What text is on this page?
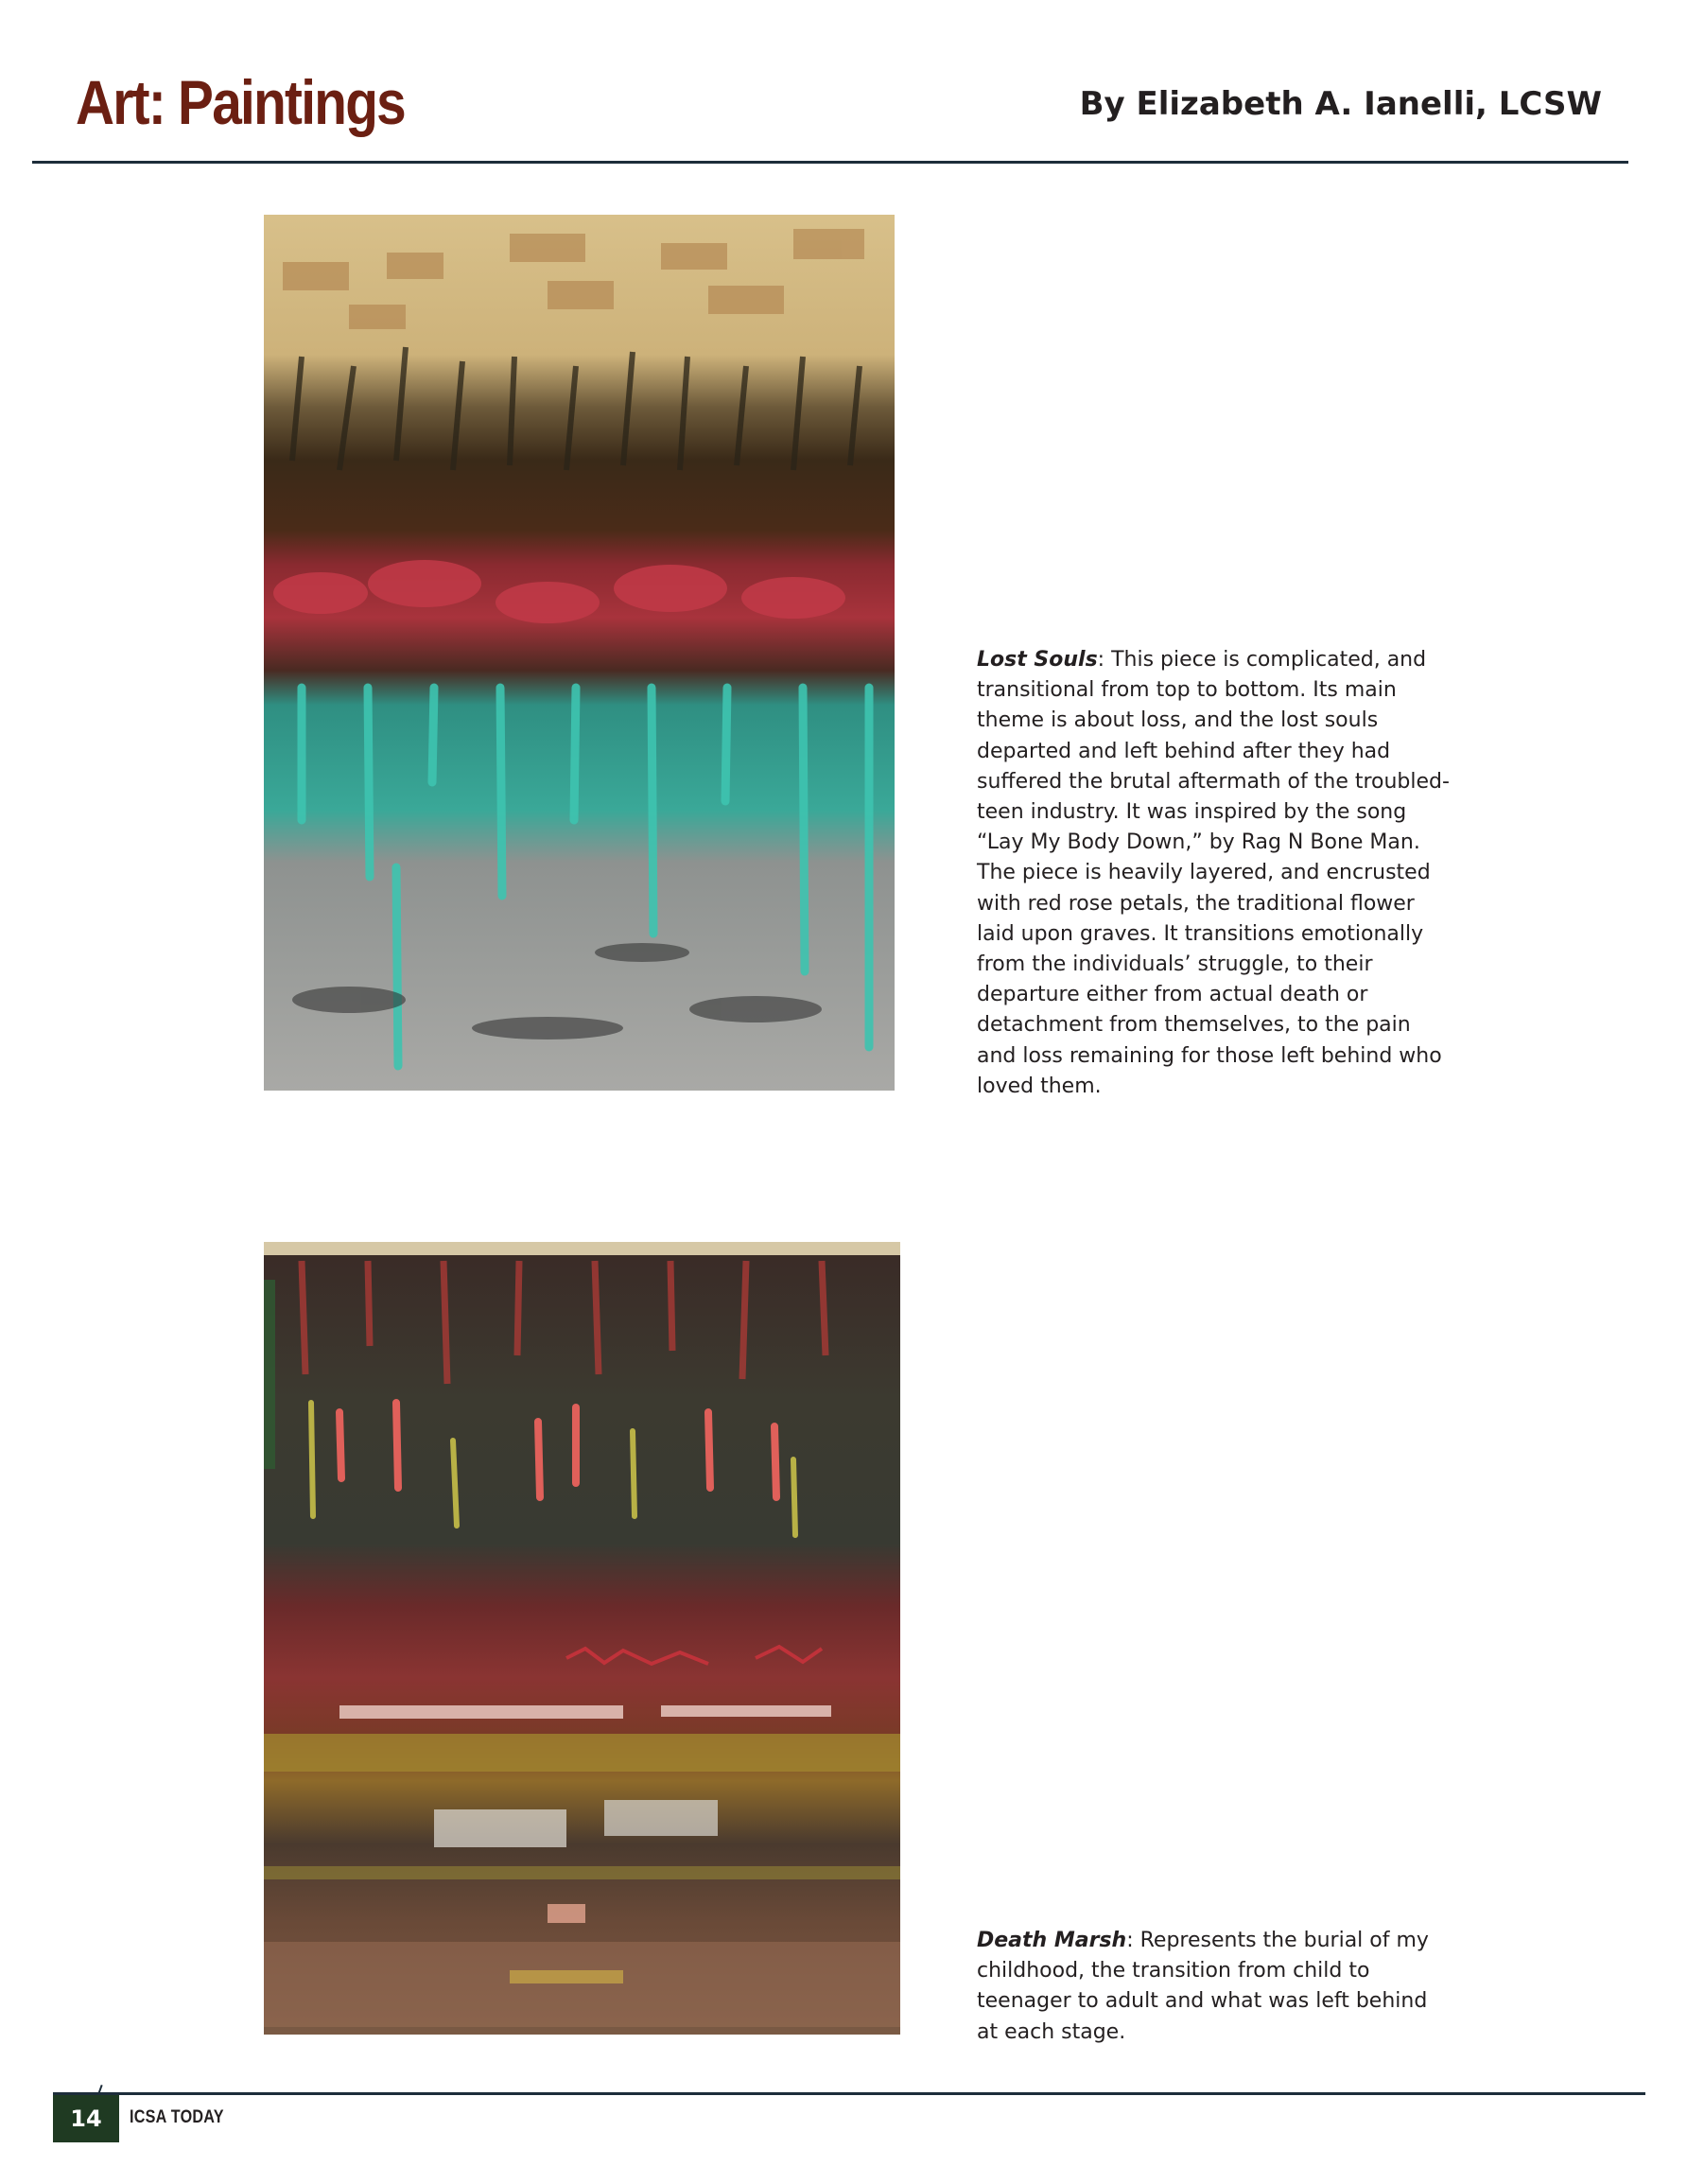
Art: Paintings	By Elizabeth A. Ianelli, LCSW
Lost Souls: This piece is complicated, and transitional from top to bottom. Its main theme is about loss, and the lost souls departed and left behind after they had suffered the brutal aftermath of the troubled-teen industry. It was inspired by the song “Lay My Body Down,” by Rag N Bone Man. The piece is heavily layered, and encrusted with red rose petals, the traditional flower laid upon graves. It transitions emotionally from the individuals’ struggle, to their departure either from actual death or detachment from themselves, to the pain and loss remaining for those left behind who loved them.
Death Marsh: Represents the burial of my childhood, the transition from child to teenager to adult and what was left behind at each stage.
14	ICSA TODAY
